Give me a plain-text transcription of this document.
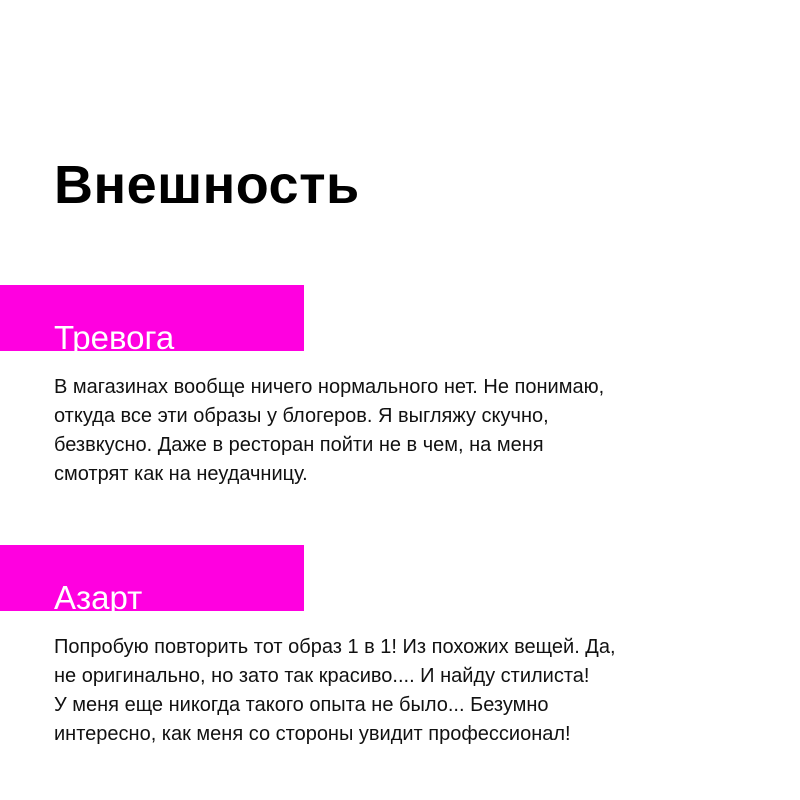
Внешность
Тревога

В магазинах вообще ничего нормального нет. Не понимаю,
откуда все эти образы у блогеров. Я выгляжу скучно,
безвкусно. Даже в ресторан пойти не в чем, на меня
смотрят как на неудачницу.

Азарт

Попробую повторить тот образ 1 в 1! Из похожих вещей. Да,
не оригинально, но зато так красиво.... И найду стилиста!
У меня еще никогда такого опыта не было... Безумно
интересно, как меня со стороны увидит профессионал!
